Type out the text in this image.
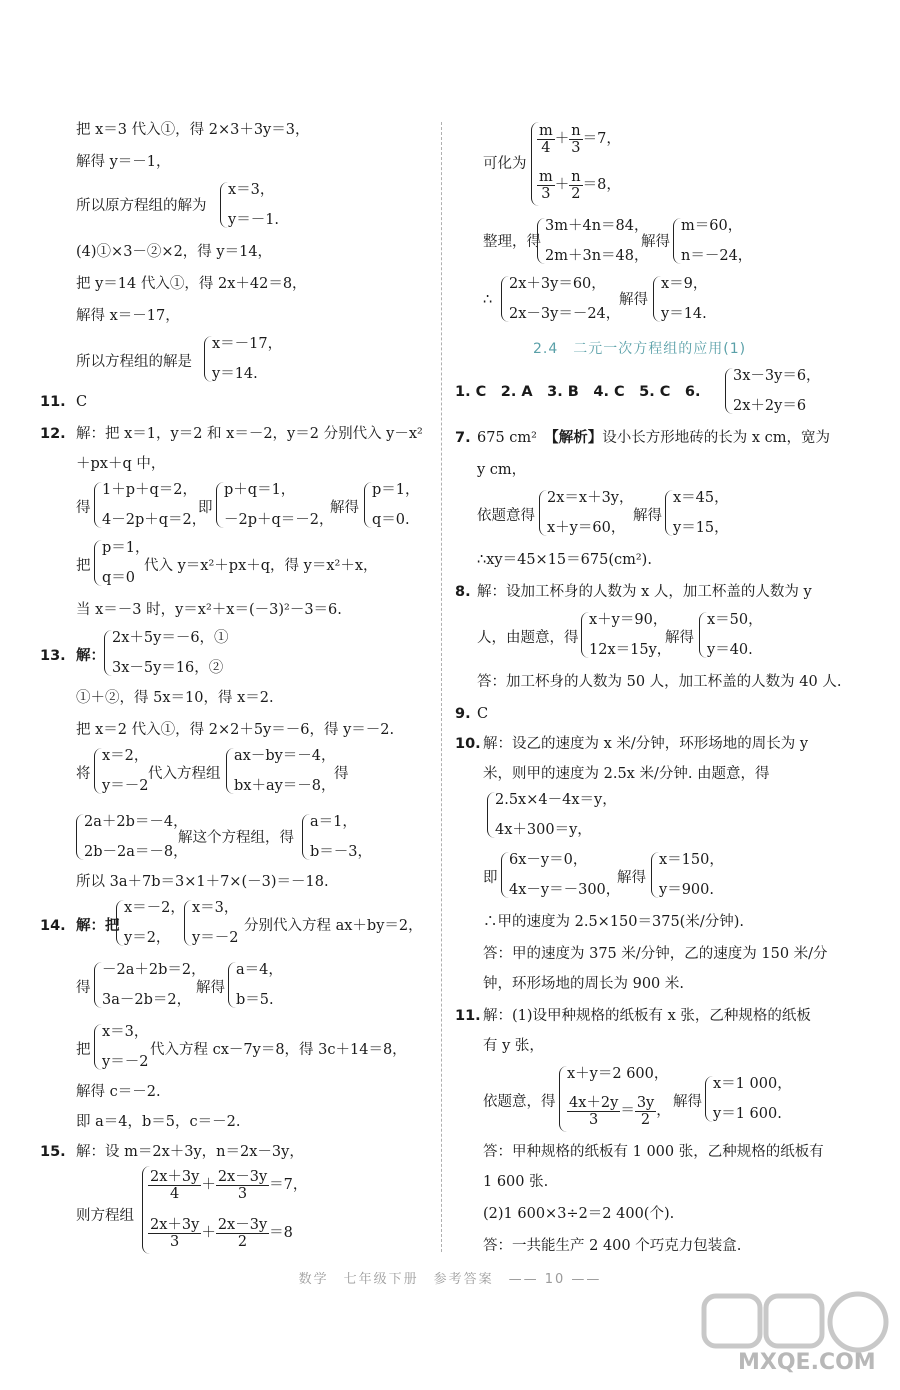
把 x＝3 代入①，得 2×3＋3y＝3，
解得 y＝－1，
所以原方程组的解为
x＝3，
y＝－1.
(4)①×3－②×2，得 y＝14，
把 y＝14 代入①，得 2x＋42＝8，
解得 x＝－17，
所以方程组的解是
x＝－17，
y＝14.
11. C
12. 解：把 x＝1，y＝2 和 x＝－2，y＝2 分别代入 y－x²
＋px＋q 中，
得
1＋p＋q＝2，
4－2p＋q＝2，
即
p＋q＝1，
－2p＋q＝－2，
解得
p＝1，
q＝0.
把
p＝1，
q＝0
代入 y＝x²＋px＋q，得 y＝x²＋x，
当 x＝－3 时，y＝x²＋x＝(－3)²－3＝6.
13. 解：
2x＋5y＝－6，①
3x－5y＝16，②
①＋②，得 5x＝10，得 x＝2.
把 x＝2 代入①，得 2×2＋5y＝－6，得 y＝－2.
将
x＝2，
y＝－2
代入方程组
ax－by＝－4，
bx＋ay＝－8，
得
2a＋2b＝－4，
2b－2a＝－8，
解这个方程组，得
a＝1，
b＝－3，
所以 3a＋7b＝3×1＋7×(－3)＝－18.
14. 解：把
x＝－2，
y＝2，
x＝3，
y＝－2
分别代入方程 ax＋by＝2，
得
－2a＋2b＝2，
3a－2b＝2，
解得
a＝4，
b＝5.
把
x＝3，
y＝－2
代入方程 cx－7y＝8，得 3c＋14＝8，
解得 c＝－2.
即 a＝4，b＝5，c＝－2.
15. 解：设 m＝2x＋3y，n＝2x－3y，
则方程组
$\frac{2x+3y}{4} + \frac{2x-3y}{3} =7$，
$\frac{2x+3y}{3} + \frac{2x-3y}{2} =8$
可化为
$\frac{m}{4} + \frac{n}{3} =7$，
$\frac{m}{3} + \frac{n}{2} =8$，
整理，得
3m＋4n＝84，
2m＋3n＝48，
解得
m＝60，
n＝－24，
∴
2x＋3y＝60，
2x－3y＝－24，
解得
x＝9，
y＝14.
2.4　二元一次方程组的应用(1)
1. C　2. A　3. B　4. C　5. C　6.
3x－3y＝6，
2x＋2y＝6
7. 675 cm²　【解析】设小长方形地砖的长为 x cm，宽为
y cm，
依题意得
2x＝x＋3y，
x＋y＝60，
解得
x＝45，
y＝15，
∴xy＝45×15＝675(cm²).
8. 解：设加工杯身的人数为 x 人，加工杯盖的人数为 y
人，由题意，得
x＋y＝90，
12x＝15y，
解得
x＝50，
y＝40.
答：加工杯身的人数为 50 人，加工杯盖的人数为 40 人.
9. C
10. 解：设乙的速度为 x 米/分钟，环形场地的周长为 y
米，则甲的速度为 2.5x 米/分钟. 由题意，得
2.5x×4－4x＝y，
4x＋300＝y，
即
6x－y＝0，
4x－y＝－300，
解得
x＝150，
y＝900.
∴甲的速度为 2.5×150＝375(米/分钟).
答：甲的速度为 375 米/分钟，乙的速度为 150 米/分
钟，环形场地的周长为 900 米.
11. 解：(1)设甲种规格的纸板有 x 张，乙种规格的纸板
有 y 张，
依题意，得
x＋y＝2 600，
$\frac{4x+2y}{3} = \frac{3y}{2}$ ，
解得
x＝1 000，
y＝1 600.
答：甲种规格的纸板有 1 000 张，乙种规格的纸板有
1 600 张.
(2)1 600×3÷2＝2 400(个).
答：一共能生产 2 400 个巧克力包装盒.
数学　七年级下册　参考答案　—— 10 ——
MXQE.COM
